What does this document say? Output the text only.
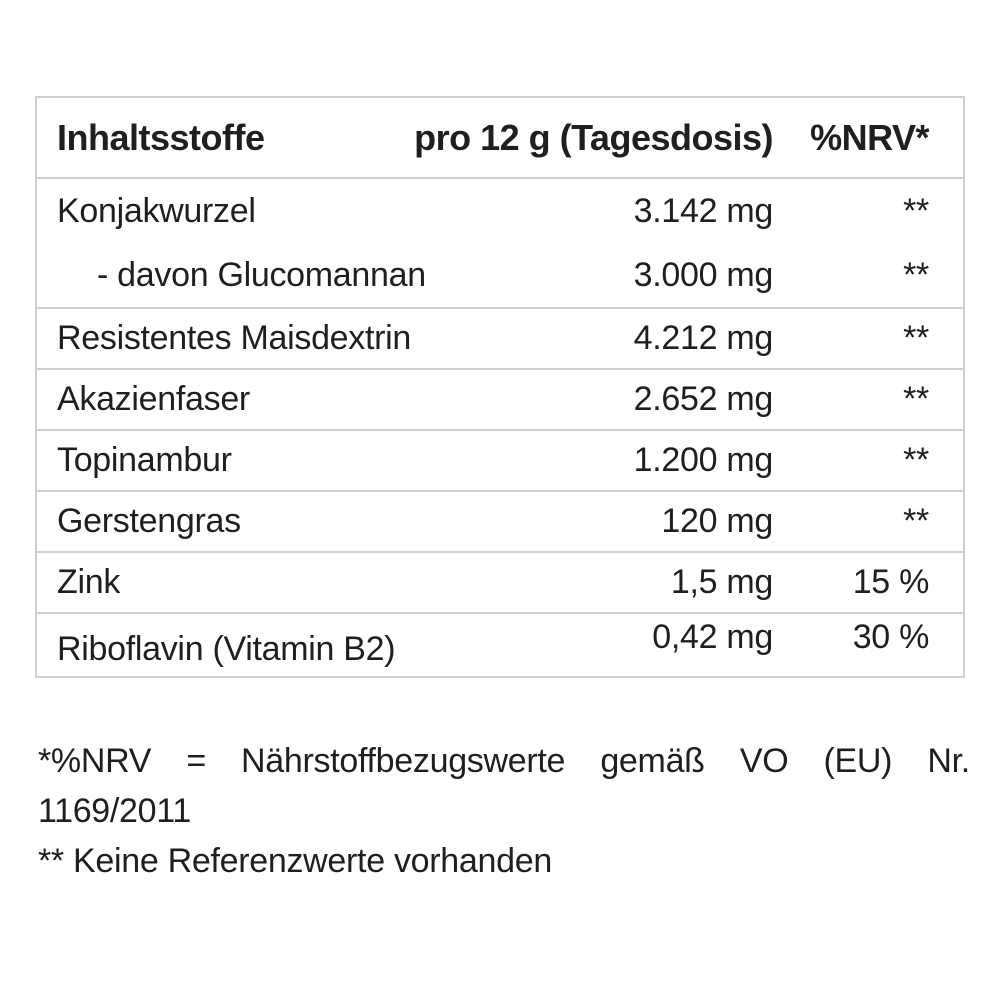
Inhaltsstoffe	pro 12 g (Tagesdosis)	%NRV*
Konjakwurzel	3.142 mg	**
- davon Glucomannan	3.000 mg	**
Resistentes Maisdextrin	4.212 mg	**
Akazienfaser	2.652 mg	**
Topinambur	1.200 mg	**
Gerstengras	120 mg	**
Zink	1,5 mg	15 %
Riboflavin (Vitamin B2)	0,42 mg	30 %

*%NRV = Nährstoffbezugswerte gemäß VO (EU) Nr.

1169/2011

** Keine Referenzwerte vorhanden
